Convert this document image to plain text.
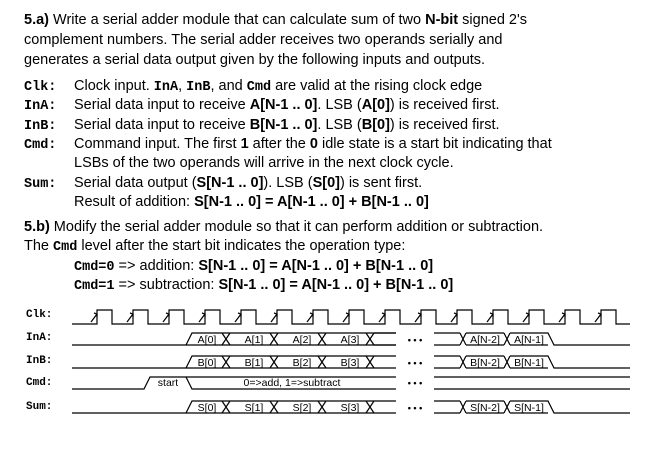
5.a) Write a serial adder module that can calculate sum of two N-bit signed 2's
complement numbers. The serial adder receives two operands serially and
generates a serial data output given by the following inputs and outputs.
Clk: Clock input. InA, InB, and Cmd are valid at the rising clock edge
InA: Serial data input to receive A[N-1 .. 0]. LSB (A[0]) is received first.
InB: Serial data input to receive B[N-1 .. 0]. LSB (B[0]) is received first.
Cmd: Command input. The first 1 after the 0 idle state is a start bit indicating that
LSBs of the two operands will arrive in the next clock cycle.
Sum: Serial data output (S[N-1 .. 0]). LSB (S[0]) is sent first.
Result of addition: S[N-1 .. 0] = A[N-1 .. 0] + B[N-1 .. 0]
5.b) Modify the serial adder module so that it can perform addition or subtraction.
The Cmd level after the start bit indicates the operation type:
Cmd=0 => addition: S[N-1 .. 0] = A[N-1 .. 0] + B[N-1 .. 0]
Cmd=1 => subtraction: S[N-1 .. 0] = A[N-1 .. 0] + B[N-1 .. 0]
Clk:
InA:
InB:
Cmd:
Sum:
A[0]	A[1]	A[2]	A[3]	A[N-2] A[N-1]
B[0]	B[1]	B[2]	B[3]	B[N-2] B[N-1]
start	0=>add, 1=>subtract
S[0]	S[1]	S[2]	S[3]	S[N-2] S[N-1]
• • •
• • •
• • •
• • •
